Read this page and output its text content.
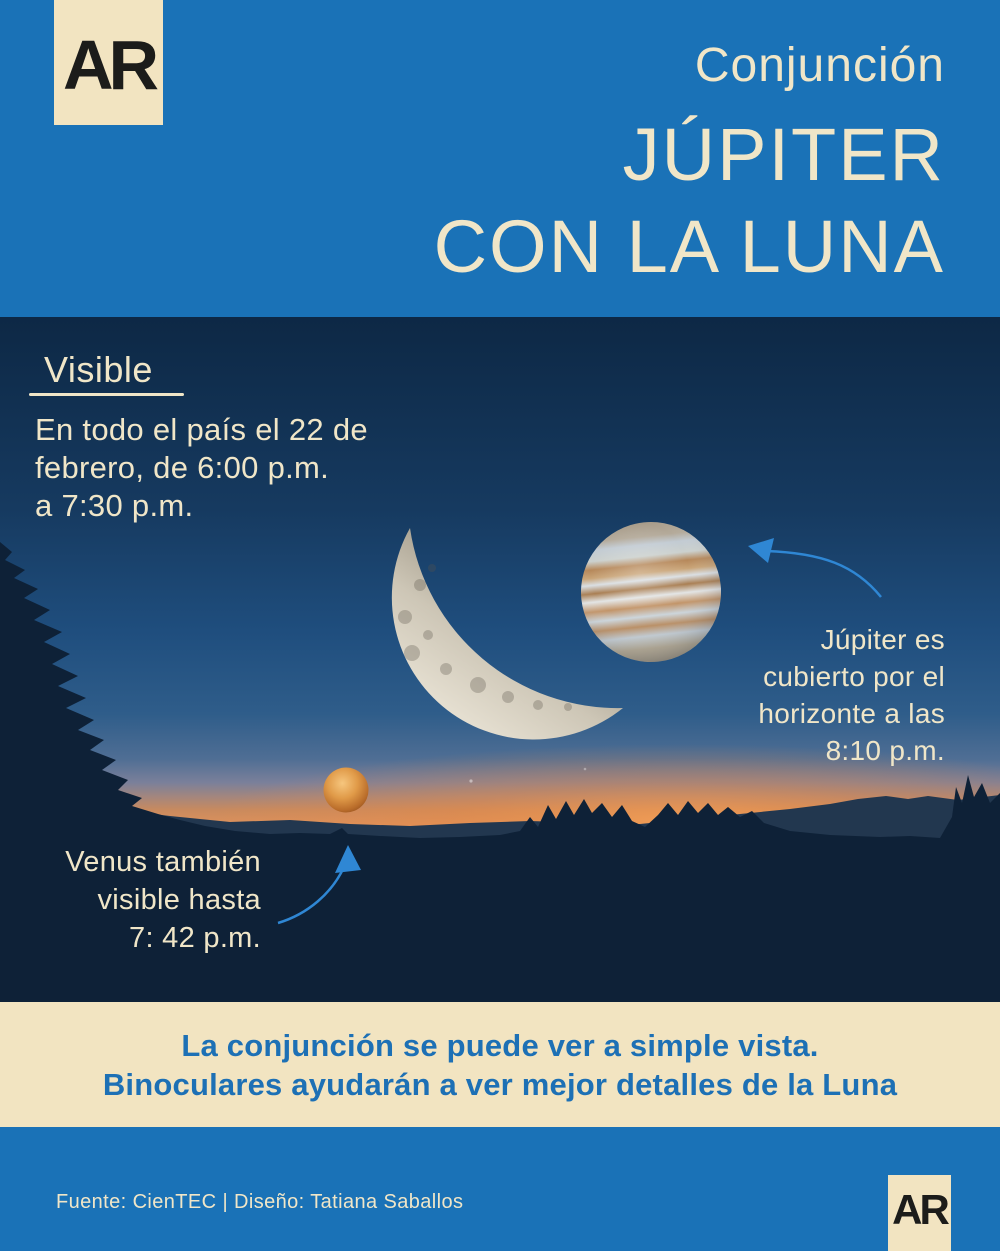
AR	Conjunción
JÚPITER
CON LA LUNA
Visible
En todo el país el 22 de
febrero, de 6:00 p.m.
a 7:30 p.m.
Júpiter es
cubierto por el
horizonte a las
8:10 p.m.
Venus también
visible hasta
7: 42 p.m.
La conjunción se puede ver a simple vista.
Binoculares ayudarán a ver mejor detalles de la Luna
Fuente: CienTEC | Diseño: Tatiana Saballos	AR
